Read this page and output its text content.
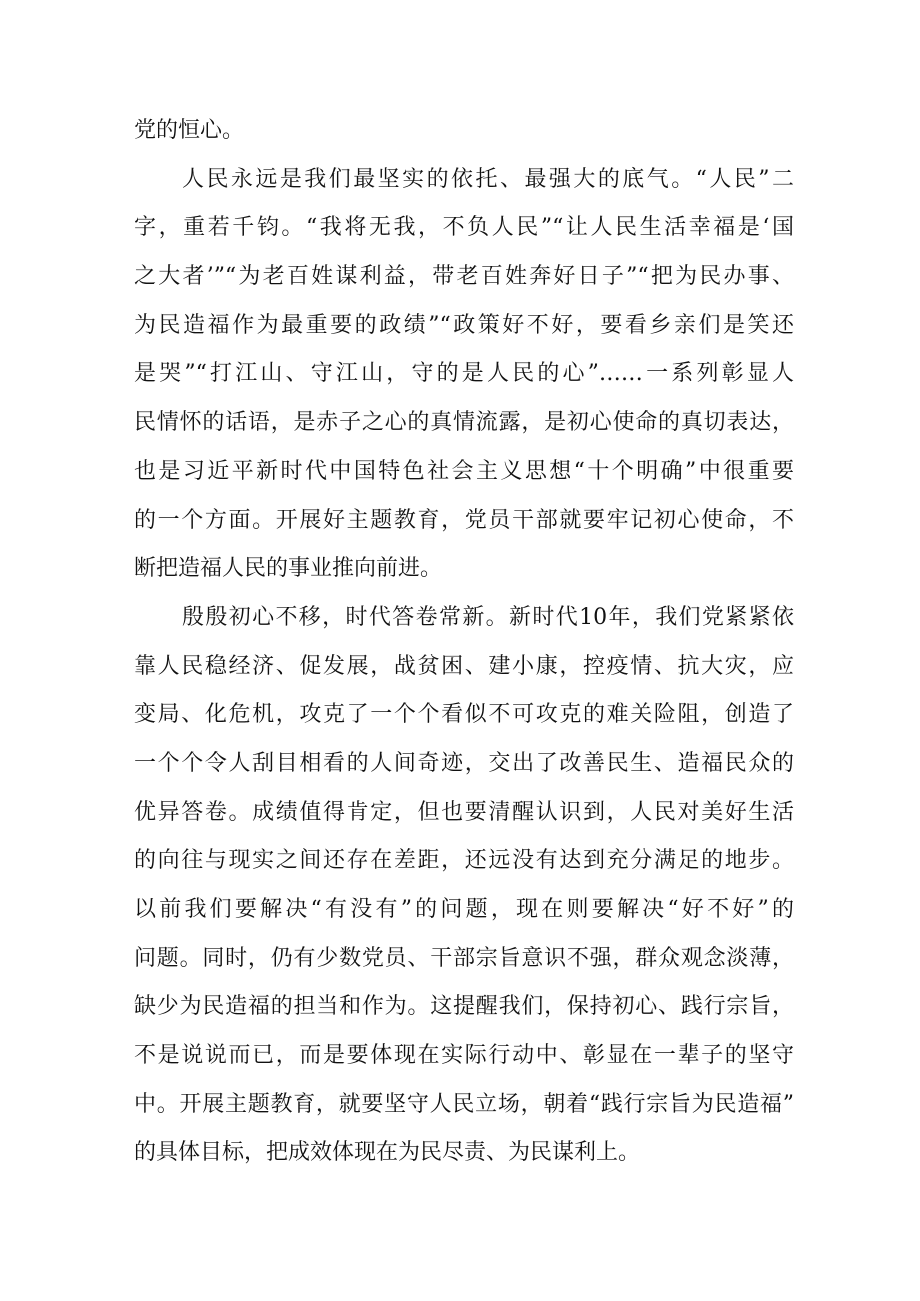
党的恒心。
人民永远是我们最坚实的依托、最强大的底气。“人民”二
字，重若千钧。“我将无我，不负人民”“让人民生活幸福是‘国
之大者’”“为老百姓谋利益，带老百姓奔好日子”“把为民办事、
为民造福作为最重要的政绩”“政策好不好，要看乡亲们是笑还
是哭”“打江山、守江山，守的是人民的心”……一系列彰显人
民情怀的话语，是赤子之心的真情流露，是初心使命的真切表达，
也是习近平新时代中国特色社会主义思想“十个明确”中很重要
的一个方面。开展好主题教育，党员干部就要牢记初心使命，不
断把造福人民的事业推向前进。
殷殷初心不移，时代答卷常新。新时代10年，我们党紧紧依
靠人民稳经济、促发展，战贫困、建小康，控疫情、抗大灾，应
变局、化危机，攻克了一个个看似不可攻克的难关险阻，创造了
一个个令人刮目相看的人间奇迹，交出了改善民生、造福民众的
优异答卷。成绩值得肯定，但也要清醒认识到，人民对美好生活
的向往与现实之间还存在差距，还远没有达到充分满足的地步。
以前我们要解决“有没有”的问题，现在则要解决“好不好”的
问题。同时，仍有少数党员、干部宗旨意识不强，群众观念淡薄，
缺少为民造福的担当和作为。这提醒我们，保持初心、践行宗旨，
不是说说而已，而是要体现在实际行动中、彰显在一辈子的坚守
中。开展主题教育，就要坚守人民立场，朝着“践行宗旨为民造福”
的具体目标，把成效体现在为民尽责、为民谋利上。
